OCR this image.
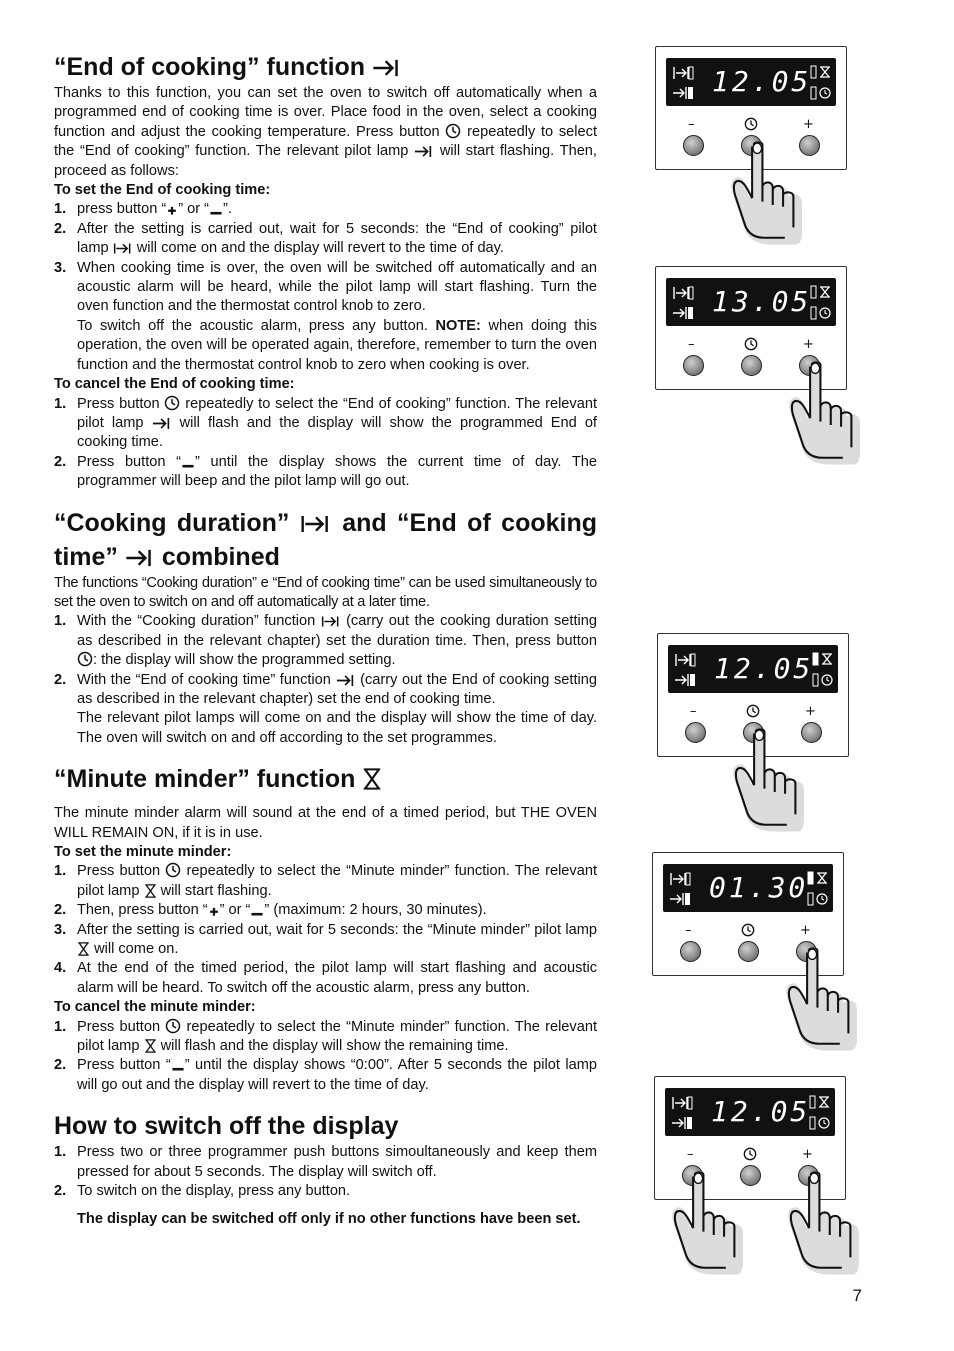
“End of cooking” function

Thanks to this function, you can set the oven to switch off automatically when a programmed end of cooking time is over. Place food in the oven, select a cooking function and adjust the cooking temperature. Press button repeatedly to select the “End of cooking” function. The relevant pilot lamp will start flashing. Then, proceed as follows:

To set the End of cooking time:

1. press button “ ” or “ ”.
2. After the setting is carried out, wait for 5 seconds: the “End of cooking” pilot lamp will come on and the display will revert to the time of day.
3. When cooking time is over, the oven will be switched off automatically and an acoustic alarm will be heard, while the pilot lamp will start flashing. Turn the oven function and the thermostat control knob to zero.
To switch off the acoustic alarm, press any button. NOTE: when doing this operation, the oven will be operated again, therefore, remember to turn the oven function and the thermostat control knob to zero when cooking is over.

To cancel the End of cooking time:

1. Press button repeatedly to select the “End of cooking” function. The relevant pilot lamp will flash and the display will show the programmed End of cooking time.
2. Press button “ ” until the display shows the current time of day. The programmer will beep and the pilot lamp will go out.
“Cooking duration” and “End of cooking time” combined

The functions “Cooking duration” e “End of cooking time” can be used simultaneously to set the oven to switch on and off automatically at a later time.

1. With the “Cooking duration” function (carry out the cooking duration setting as described in the relevant chapter) set the duration time. Then, press button : the display will show the programmed setting.
2. With the “End of cooking time” function (carry out the End of cooking setting as described in the relevant chapter) set the end of cooking time.
The relevant pilot lamps will come on and the display will show the time of day. The oven will switch on and off according to the set programmes.
“Minute minder” function

The minute minder alarm will sound at the end of a timed period, but THE OVEN WILL REMAIN ON, if it is in use.

To set the minute minder:

1. Press button repeatedly to select the “Minute minder” function. The relevant pilot lamp will start flashing.
2. Then, press button “ ” or “ ” (maximum: 2 hours, 30 minutes).
3. After the setting is carried out, wait for 5 seconds: the “Minute minder” pilot lamp  will come on.
4. At the end of the timed period, the pilot lamp will start flashing and acoustic alarm will be heard. To switch off the acoustic alarm, press any button.

To cancel the minute minder:

1. Press button repeatedly to select the “Minute minder” function. The relevant pilot lamp will flash and the display will show the remaining time.
2. Press button “ ” until the display shows “0:00”. After 5 seconds the pilot lamp will go out and the display will revert to the time of day.
How to switch off the display
1. Press two or three programmer push buttons simoultaneously and keep them pressed for about 5 seconds. The display will switch off.
2. To switch on the display, press any button.

The display can be switched off only if no other functions have been set.

12.05
–	+
13.05
–	+
12.05
–	+
01.30
–	+
12.05
–	+
7
